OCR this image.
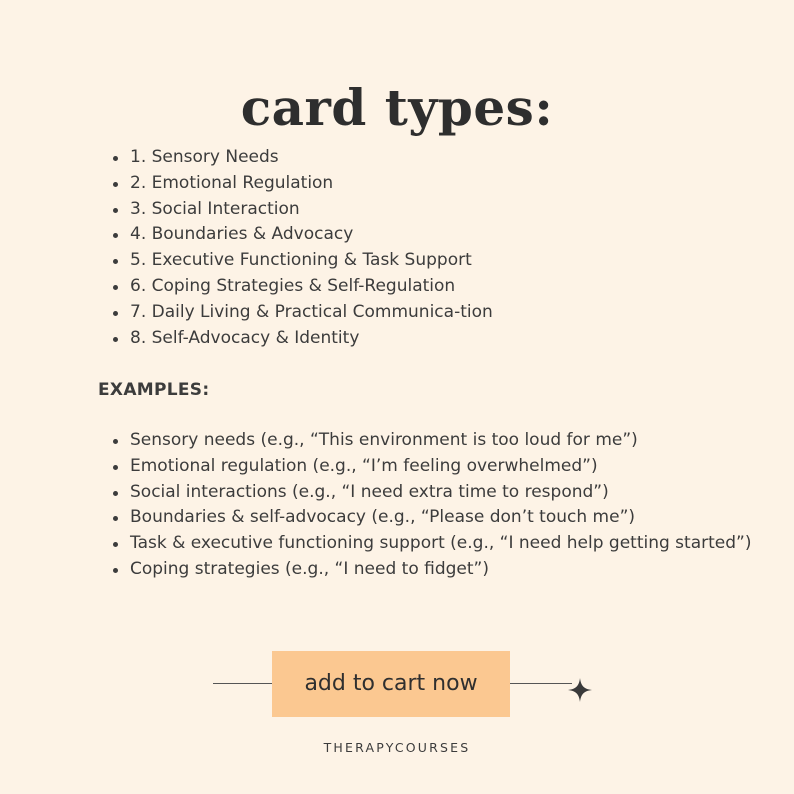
card types:
1. Sensory Needs
2. Emotional Regulation
3. Social Interaction
4. Boundaries & Advocacy
5. Executive Functioning & Task Support
6. Coping Strategies & Self-Regulation
7. Daily Living & Practical Communica-tion
8. Self-Advocacy & Identity
EXAMPLES:
Sensory needs (e.g., “This environment is too loud for me”)
Emotional regulation (e.g., “I’m feeling overwhelmed”)
Social interactions (e.g., “I need extra time to respond”)
Boundaries & self-advocacy (e.g., “Please don’t touch me”)
Task & executive functioning support (e.g., “I need help getting started”)
Coping strategies (e.g., “I need to fidget”)
add to cart now
THERAPYCOURSES
